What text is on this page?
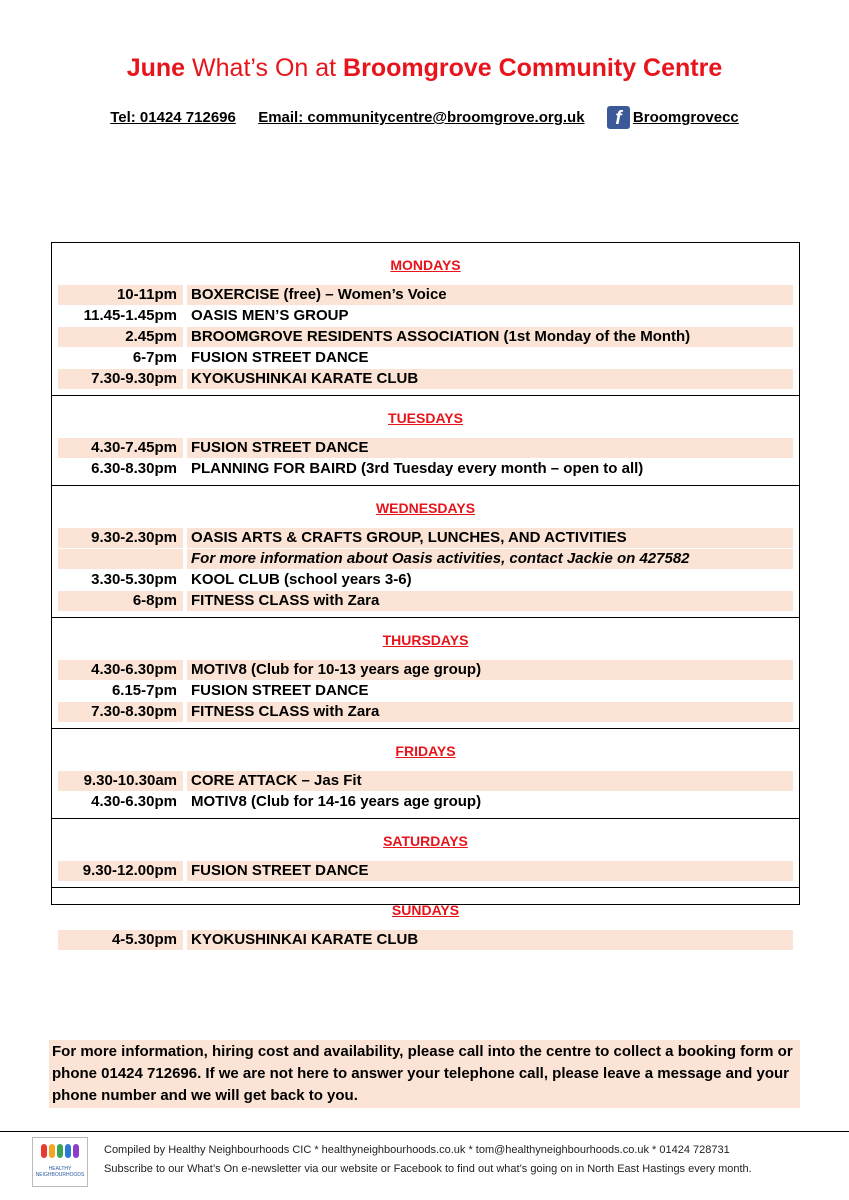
June What’s On at Broomgrove Community Centre
Tel: 01424 712696 Email: communitycentre@broomgrove.org.uk f Broomgrovecc
MONDAYS
10-11pm BOXERCISE (free) – Women’s Voice
11.45-1.45pm OASIS MEN’S GROUP
2.45pm BROOMGROVE RESIDENTS ASSOCIATION (1st Monday of the Month)
6-7pm FUSION STREET DANCE
7.30-9.30pm KYOKUSHINKAI KARATE CLUB
TUESDAYS
4.30-7.45pm FUSION STREET DANCE
6.30-8.30pm PLANNING FOR BAIRD (3rd Tuesday every month – open to all)
WEDNESDAYS
9.30-2.30pm OASIS ARTS & CRAFTS GROUP, LUNCHES, AND ACTIVITIES
For more information about Oasis activities, contact Jackie on 427582
3.30-5.30pm KOOL CLUB (school years 3-6)
6-8pm FITNESS CLASS with Zara
THURSDAYS
4.30-6.30pm MOTIV8 (Club for 10-13 years age group)
6.15-7pm FUSION STREET DANCE
7.30-8.30pm FITNESS CLASS with Zara
FRIDAYS
9.30-10.30am CORE ATTACK – Jas Fit
4.30-6.30pm MOTIV8 (Club for 14-16 years age group)
SATURDAYS
9.30-12.00pm FUSION STREET DANCE
SUNDAYS
4-5.30pm KYOKUSHINKAI KARATE CLUB
For more information, hiring cost and availability, please call into the centre to collect a booking form or phone 01424 712696. If we are not here to answer your telephone call, please leave a message and your phone number and we will get back to you.
HEALTHY NEIGHBOURHOODS
Compiled by Healthy Neighbourhoods CIC * healthyneighbourhoods.co.uk * tom@healthyneighbourhoods.co.uk * 01424 728731
Subscribe to our What’s On e-newsletter via our website or Facebook to find out what’s going on in North East Hastings every month.
